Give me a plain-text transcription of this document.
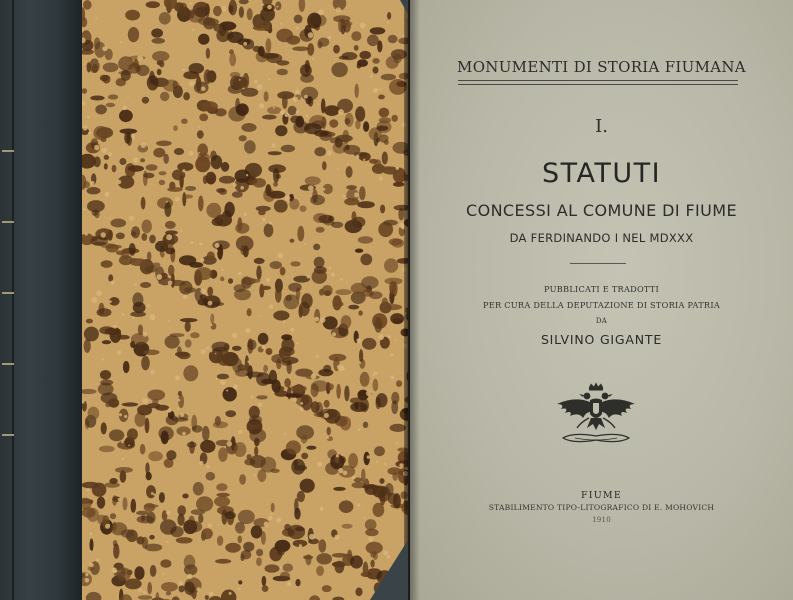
MONUMENTI DI STORIA FIUMANA
I.
STATUTI
CONCESSI AL COMUNE DI FIUME
DA FERDINANDO I NEL MDXXX
PUBBLICATI E TRADOTTI
PER CURA DELLA DEPUTAZIONE DI STORIA PATRIA
DA
SILVINO GIGANTE
FIUME
STABILIMENTO TIPO-LITOGRAFICO DI E. MOHOVICH
1910
